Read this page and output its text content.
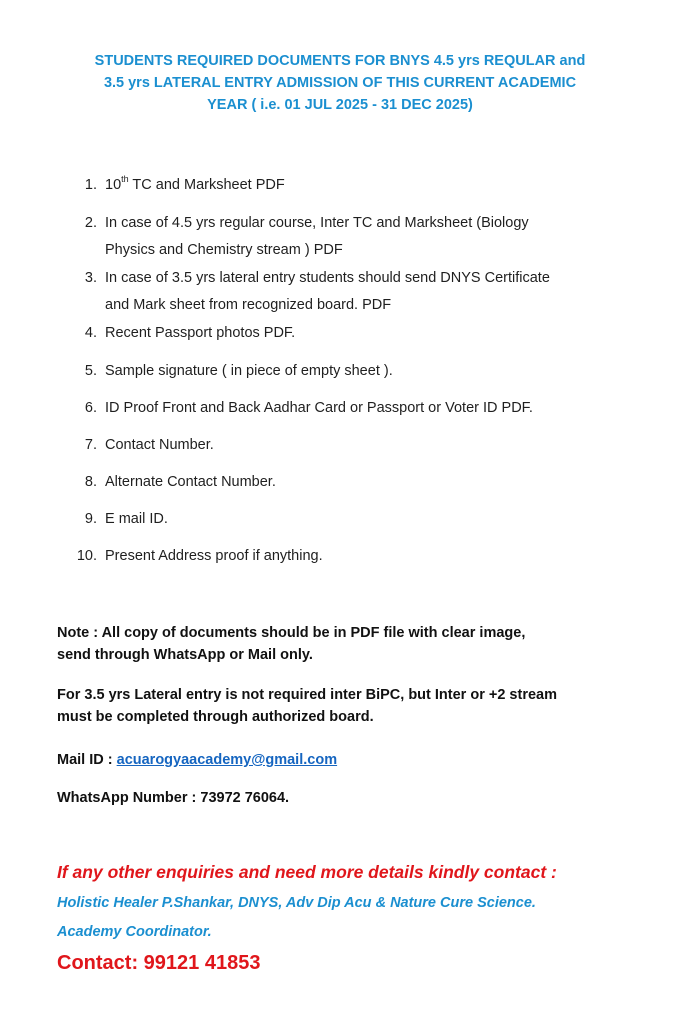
STUDENTS REQUIRED DOCUMENTS FOR BNYS 4.5 yrs REQULAR and
3.5 yrs LATERAL ENTRY ADMISSION OF THIS CURRENT ACADEMIC
YEAR ( i.e. 01 JUL 2025 - 31 DEC 2025)
1. 10th TC and Marksheet PDF
2. In case of 4.5 yrs regular course, Inter TC and Marksheet (Biology
Physics and Chemistry stream ) PDF
3. In case of 3.5 yrs lateral entry students should send DNYS Certificate
and Mark sheet from recognized board. PDF
4. Recent Passport photos PDF.
5. Sample signature ( in piece of empty sheet ).
6. ID Proof Front and Back Aadhar Card or Passport or Voter ID PDF.
7. Contact Number.
8. Alternate Contact Number.
9. E mail ID.
10. Present Address proof if anything.
Note : All copy of documents should be in PDF file with clear image,
send through WhatsApp or Mail only.
For 3.5 yrs Lateral entry is not required inter BiPC, but Inter or +2 stream
must be completed through authorized board.
Mail ID : acuarogyaacademy@gmail.com
WhatsApp Number : 73972 76064.
If any other enquiries and need more details kindly contact :
Holistic Healer P.Shankar, DNYS, Adv Dip Acu & Nature Cure Science.
Academy Coordinator.
Contact: 99121 41853
